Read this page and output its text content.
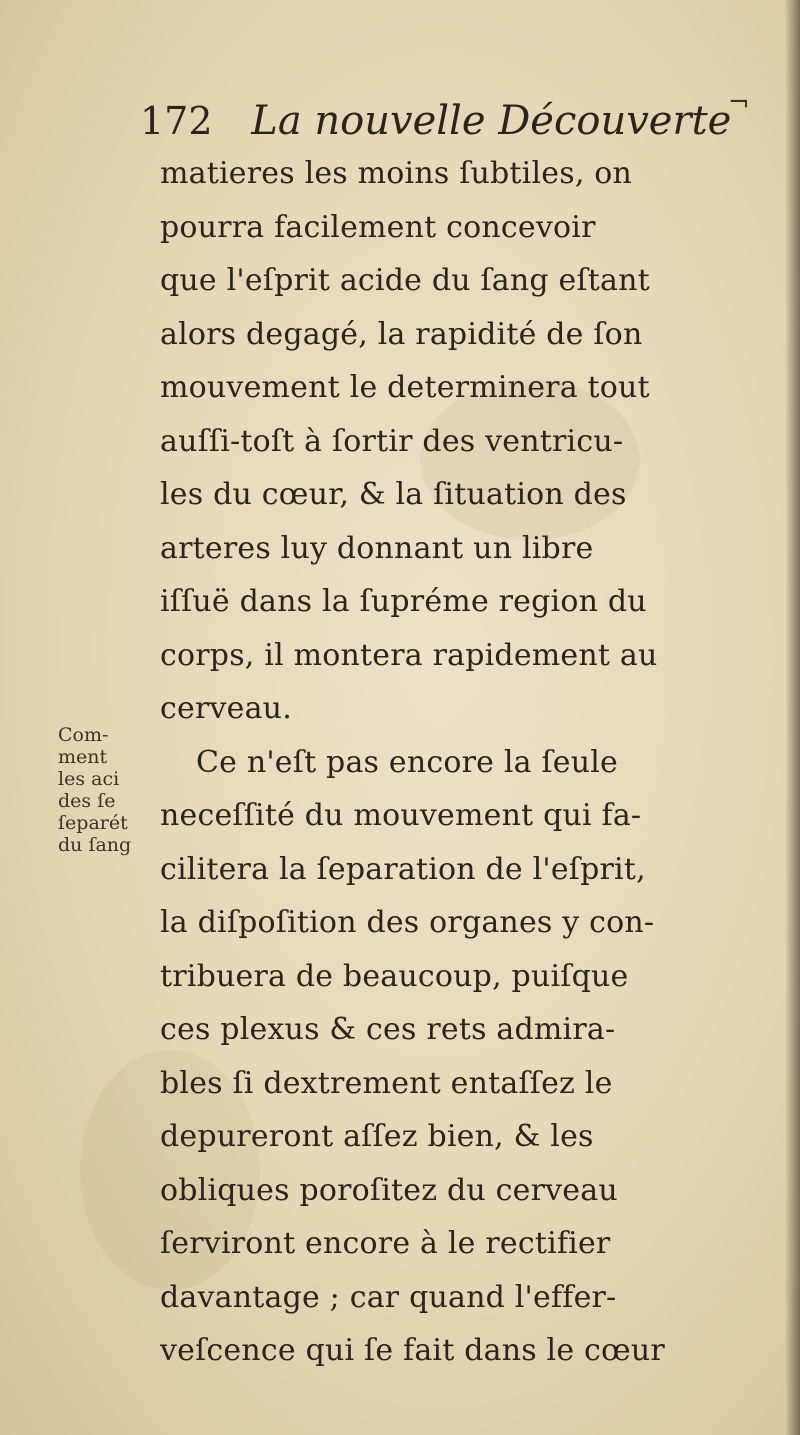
172 La nouvelle Découverte
¬
matieres les moins ſubtiles, on
pourra facilement concevoir
que l'eſprit acide du ſang eſtant
alors degagé, la rapidité de ſon
mouvement le determinera tout
auſſi-toſt à ſortir des ventricu-
les du cœur, & la ſituation des
arteres luy donnant un libre
iſſuë dans la ſupréme region du
corps, il montera rapidement au
cerveau.
Ce n'eſt pas encore la ſeule
neceſſité du mouvement qui fa-
cilitera la ſeparation de l'eſprit,
la diſpoſition des organes y con-
tribuera de beaucoup, puiſque
ces plexus & ces rets admira-
bles ſi dextrement entaſſez le
depureront aſſez bien, & les
obliques poroſitez du cerveau
ſerviront encore à le rectifier
davantage ; car quand l'effer-
veſcence qui ſe fait dans le cœur
Com-
ment
les aci
des ſe
ſeparét
du ſang
